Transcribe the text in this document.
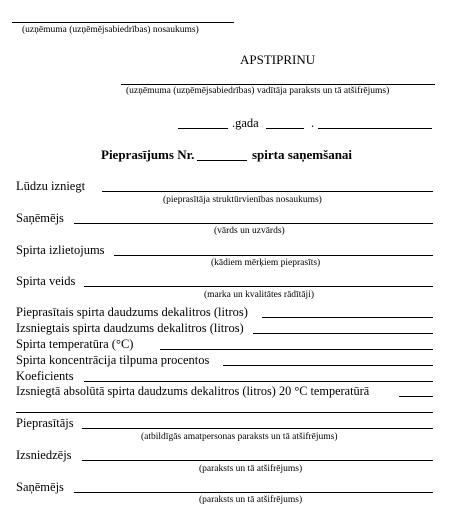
(uzņēmuma (uzņēmējsabiedrības) nosaukums)
APSTIPRINU
(uzņēmuma (uzņēmējsabiedrības) vadītāja paraksts un tā atšifrējums)
.gada	.
Pieprasījums Nr.	spirta saņemšanai
Lūdzu izniegt
(pieprasītāja struktūrvienības nosaukums)
Saņēmējs
(vārds un uzvārds)
Spirta izlietojums
(kādiem mērķiem pieprasīts)
Spirta veids
(marka un kvalitātes rādītāji)
Pieprasītais spirta daudzums dekalitros (litros)
Izsniegtais spirta daudzums dekalitros (litros)
Spirta temperatūra (°C)
Spirta koncentrācija tilpuma procentos
Koeficients
Izsniegtā absolūtā spirta daudzums dekalitros (litros) 20 °C temperatūrā
Pieprasītājs
(atbildīgās amatpersonas paraksts un tā atšifrējums)
Izsniedzējs
(paraksts un tā atšifrējums)
Saņēmējs
(paraksts un tā atšifrējums)
